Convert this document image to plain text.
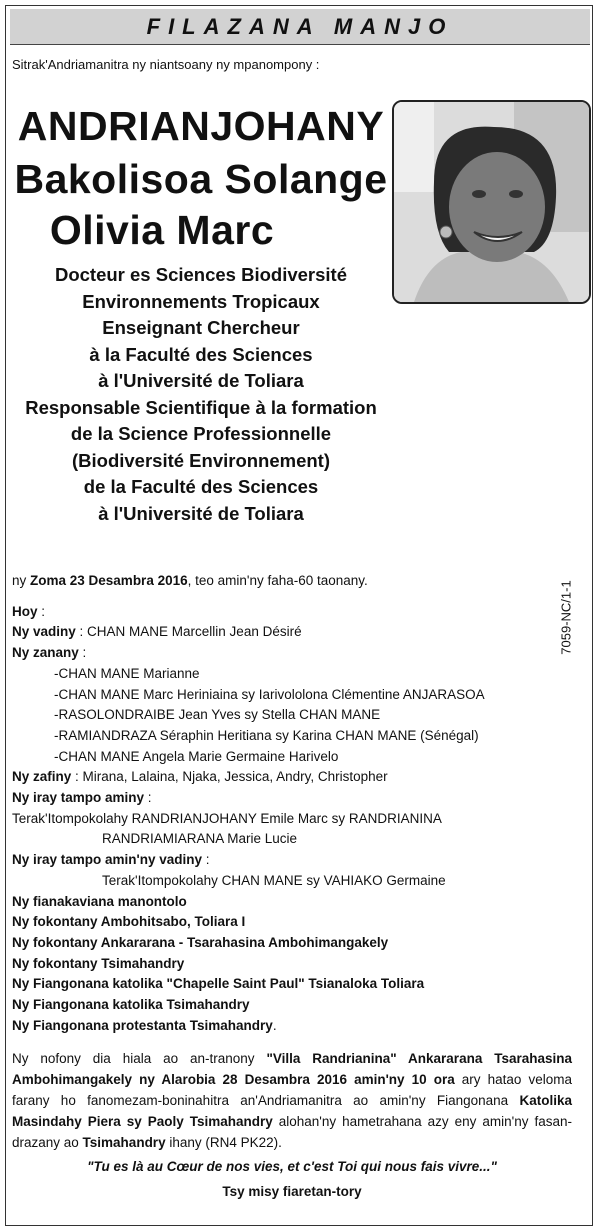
FILAZANA MANJO
Sitrak'Andriamanitra ny niantsoany ny mpanompony :
ANDRIANJOHANY
Bakolisoa Solange
Olivia Marc
Docteur es Sciences Biodiversité
Environnements Tropicaux
Enseignant Chercheur
à la Faculté des Sciences
à l'Université de Toliara
Responsable Scientifique à la formation
de la Science Professionnelle
(Biodiversité Environnement)
de la Faculté des Sciences
à l'Université de Toliara
7059-NC/1-1
ny Zoma 23 Desambra 2016, teo amin'ny faha-60 taonany.
Hoy :
Ny vadiny : CHAN MANE Marcellin Jean Désiré
Ny zanany :
-CHAN MANE Marianne
-CHAN MANE Marc Heriniaina sy Iarivololona Clémentine ANJARASOA
-RASOLONDRAIBE Jean Yves sy Stella CHAN MANE
-RAMIANDRAZA Séraphin Heritiana sy Karina CHAN MANE (Sénégal)
-CHAN MANE Angela Marie Germaine Harivelo
Ny zafiny : Mirana, Lalaina, Njaka, Jessica, Andry, Christopher
Ny iray tampo aminy :
Terak'Itompokolahy RANDRIANJOHANY Emile Marc sy RANDRIANINA
RANDRIAMIARANA Marie Lucie
Ny iray tampo amin'ny vadiny :
Terak'Itompokolahy CHAN MANE sy VAHIAKO Germaine
Ny fianakaviana manontolo
Ny fokontany Ambohitsabo, Toliara I
Ny fokontany Ankararana - Tsarahasina Ambohimangakely
Ny fokontany Tsimahandry
Ny Fiangonana katolika "Chapelle Saint Paul" Tsianaloka Toliara
Ny Fiangonana katolika Tsimahandry
Ny Fiangonana protestanta Tsimahandry.
Ny nofony dia hiala ao an-tranony "Villa Randrianina" Ankararana Tsarahasina Ambohimangakely ny Alarobia 28 Desambra 2016 amin'ny 10 ora ary hatao veloma farany ho fanomezam-boninahitra an'Andriamanitra ao amin'ny Fiangonana Katolika Masindahy Piera sy Paoly Tsimahandry alohan'ny hametrahana azy eny amin'ny fasan-drazany ao Tsimahandry ihany (RN4 PK22).
"Tu es là au Cœur de nos vies, et c'est Toi qui nous fais vivre..."
Tsy misy fiaretan-tory
